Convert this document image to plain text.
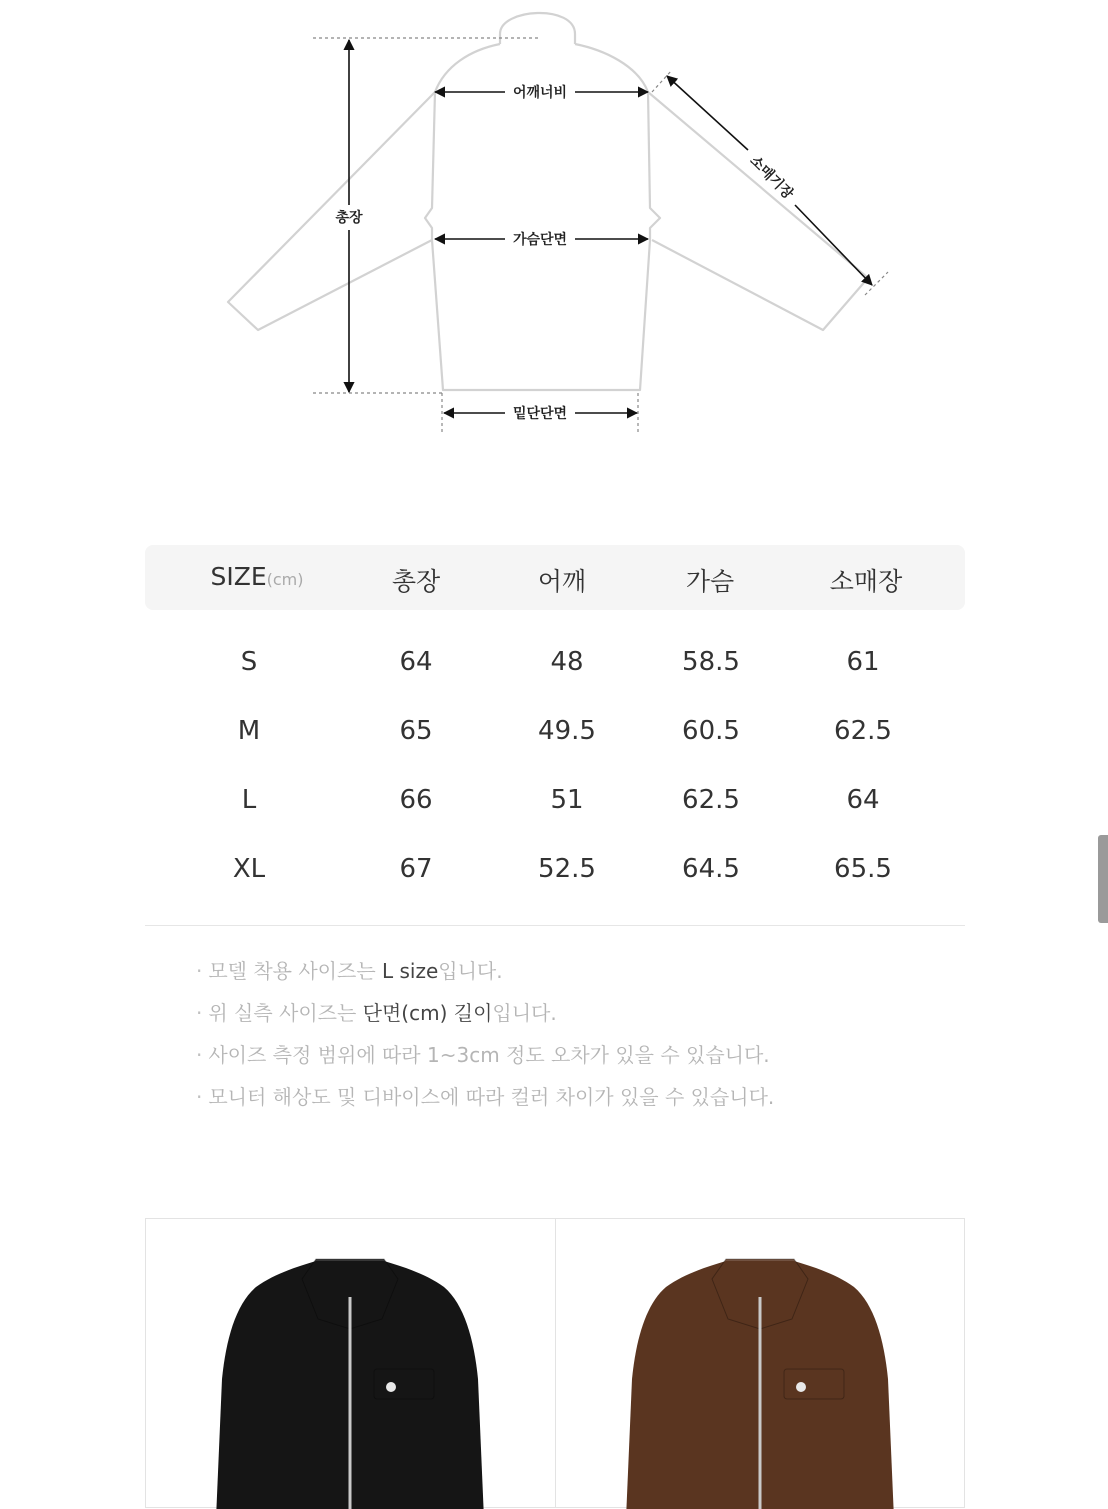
어깨너비
가슴단면
총장
밑단단면
소매기장
SIZE(cm)	총장	어깨	가슴	소매장
S	64	48	58.5	61
M	65	49.5	60.5	62.5
L	66	51	62.5	64
XL	67	52.5	64.5	65.5
· 모델 착용 사이즈는 L size입니다.
· 위 실측 사이즈는 단면(cm) 길이입니다.
· 사이즈 측정 범위에 따라 1~3cm 정도 오차가 있을 수 있습니다.
· 모니터 해상도 및 디바이스에 따라 컬러 차이가 있을 수 있습니다.
